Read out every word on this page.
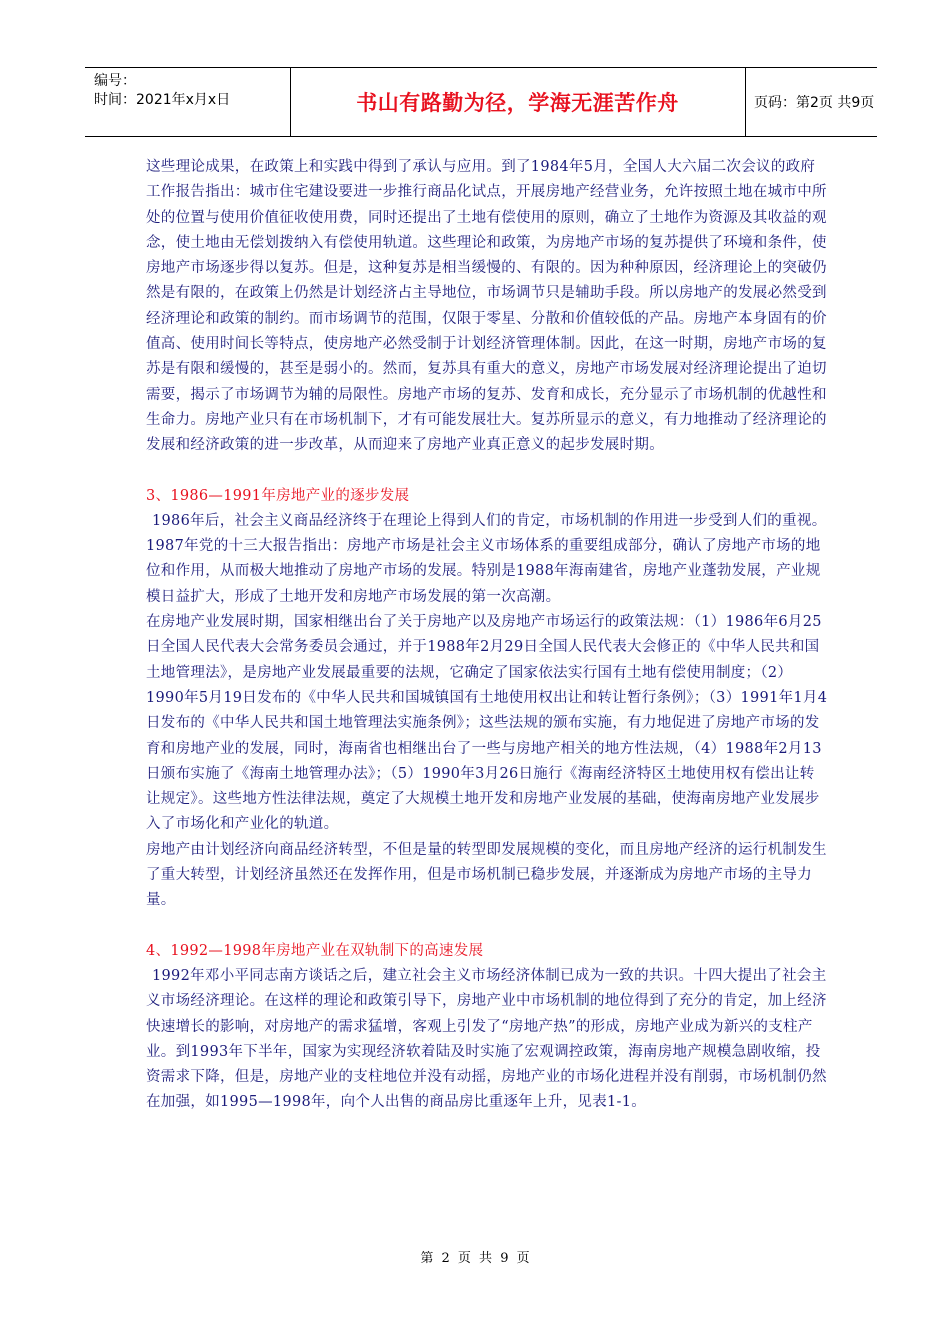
编号：
时间：2021年x月x日	书山有路勤为径，学海无涯苦作舟	页码：第2页 共9页

这些理论成果，在政策上和实践中得到了承认与应用。到了1984年5月，全国人大六届二次会议的政府工作报告指出：城市住宅建设要进一步推行商品化试点，开展房地产经营业务，允许按照土地在城市中所处的位置与使用价值征收使用费，同时还提出了土地有偿使用的原则，确立了土地作为资源及其收益的观念，使土地由无偿划拨纳入有偿使用轨道。这些理论和政策，为房地产市场的复苏提供了环境和条件，使房地产市场逐步得以复苏。但是，这种复苏是相当缓慢的、有限的。因为种种原因，经济理论上的突破仍然是有限的，在政策上仍然是计划经济占主导地位，市场调节只是辅助手段。所以房地产的发展必然受到经济理论和政策的制约。而市场调节的范围，仅限于零星、分散和价值较低的产品。房地产本身固有的价值高、使用时间长等特点，使房地产必然受制于计划经济管理体制。因此，在这一时期，房地产市场的复苏是有限和缓慢的，甚至是弱小的。然而，复苏具有重大的意义，房地产市场发展对经济理论提出了迫切需要，揭示了市场调节为辅的局限性。房地产市场的复苏、发育和成长，充分显示了市场机制的优越性和生命力。房地产业只有在市场机制下，才有可能发展壮大。复苏所显示的意义，有力地推动了经济理论的发展和经济政策的进一步改革，从而迎来了房地产业真正意义的起步发展时期。

3、1986—1991年房地产业的逐步发展

1986年后，社会主义商品经济终于在理论上得到人们的肯定，市场机制的作用进一步受到人们的重视。1987年党的十三大报告指出：房地产市场是社会主义市场体系的重要组成部分，确认了房地产市场的地位和作用，从而极大地推动了房地产市场的发展。特别是1988年海南建省，房地产业蓬勃发展，产业规模日益扩大，形成了土地开发和房地产市场发展的第一次高潮。

在房地产业发展时期，国家相继出台了关于房地产以及房地产市场运行的政策法规：（1）1986年6月25日全国人民代表大会常务委员会通过，并于1988年2月29日全国人民代表大会修正的《中华人民共和国土地管理法》，是房地产业发展最重要的法规，它确定了国家依法实行国有土地有偿使用制度；（2）1990年5月19日发布的《中华人民共和国城镇国有土地使用权出让和转让暂行条例》；（3）1991年1月4日发布的《中华人民共和国土地管理法实施条例》；这些法规的颁布实施，有力地促进了房地产市场的发育和房地产业的发展，同时，海南省也相继出台了一些与房地产相关的地方性法规，（4）1988年2月13日颁布实施了《海南土地管理办法》；（5）1990年3月26日施行《海南经济特区土地使用权有偿出让转让规定》。这些地方性法律法规，奠定了大规模土地开发和房地产业发展的基础，使海南房地产业发展步入了市场化和产业化的轨道。

房地产由计划经济向商品经济转型，不但是量的转型即发展规模的变化，而且房地产经济的运行机制发生了重大转型，计划经济虽然还在发挥作用，但是市场机制已稳步发展，并逐渐成为房地产市场的主导力量。

4、1992—1998年房地产业在双轨制下的高速发展

1992年邓小平同志南方谈话之后，建立社会主义市场经济体制已成为一致的共识。十四大提出了社会主义市场经济理论。在这样的理论和政策引导下，房地产业中市场机制的地位得到了充分的肯定，加上经济快速增长的影响，对房地产的需求猛增，客观上引发了“房地产热”的形成，房地产业成为新兴的支柱产业。到1993年下半年，国家为实现经济软着陆及时实施了宏观调控政策，海南房地产规模急剧收缩，投资需求下降，但是，房地产业的支柱地位并没有动摇，房地产业的市场化进程并没有削弱，市场机制仍然在加强，如1995—1998年，向个人出售的商品房比重逐年上升，见表1-1。

第 2 页 共 9 页
